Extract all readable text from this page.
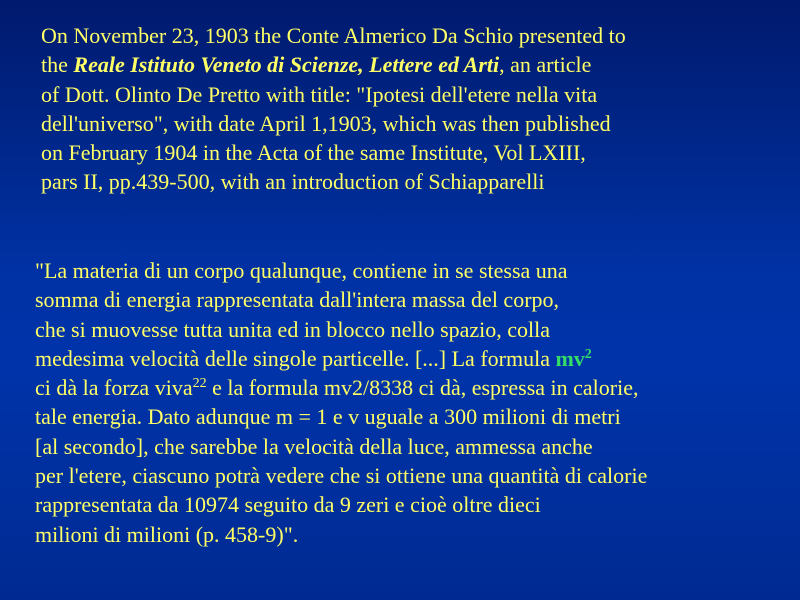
On November 23, 1903 the Conte Almerico Da Schio presented to
the Reale Istituto Veneto di Scienze, Lettere ed Arti, an article
of Dott. Olinto De Pretto with title: "Ipotesi dell'etere nella vita
dell'universo", with date April 1,1903, which was then published
on February 1904 in the Acta of the same Institute, Vol LXIII,
pars II, pp.439-500, with an introduction of Schiapparelli
"La materia di un corpo qualunque, contiene in se stessa una
somma di energia rappresentata dall'intera massa del corpo,
che si muovesse tutta unita ed in blocco nello spazio, colla
medesima velocità delle singole particelle. [...] La formula $mv^2$
ci dà la forza viva$^{22}$ e la formula mv2/8338 ci dà, espressa in calorie,
tale energia. Dato adunque m = 1 e v uguale a 300 milioni di metri
[al secondo], che sarebbe la velocità della luce, ammessa anche
per l'etere, ciascuno potrà vedere che si ottiene una quantità di calorie
rappresentata da 10974 seguito da 9 zeri e cioè oltre dieci
milioni di milioni (p. 458-9)".
